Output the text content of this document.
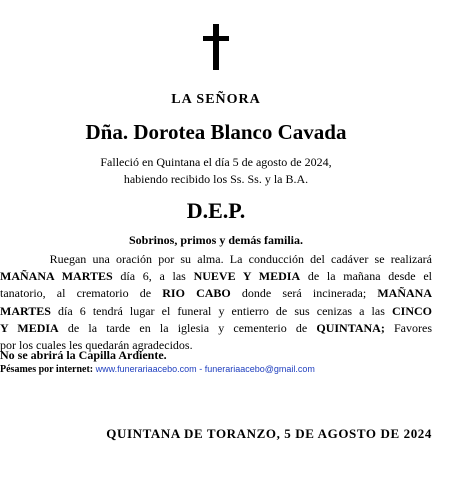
LA SEÑORA
Dña. Dorotea Blanco Cavada
Falleció en Quintana el día 5 de agosto de 2024,
habiendo recibido los Ss. Ss. y la B.A.
D.E.P.
Sobrinos, primos y demás familia.
Ruegan una oración por su alma. La conducción del cadáver se realizará
MAÑANA MARTES día 6, a las NUEVE Y MEDIA de la mañana desde el
tanatorio, al crematorio de RIO CABO donde será incinerada; MAÑANA
MARTES día 6 tendrá lugar el funeral y entierro de sus cenizas a las CINCO
Y MEDIA de la tarde en la iglesia y cementerio de QUINTANA; Favores
por los cuales les quedarán agradecidos.
No se abrirá la Capilla Ardiente.
Pésames por internet: www.funerariaacebo.com - funerariaacebo@gmail.com
QUINTANA DE TORANZO, 5 DE AGOSTO DE 2024
